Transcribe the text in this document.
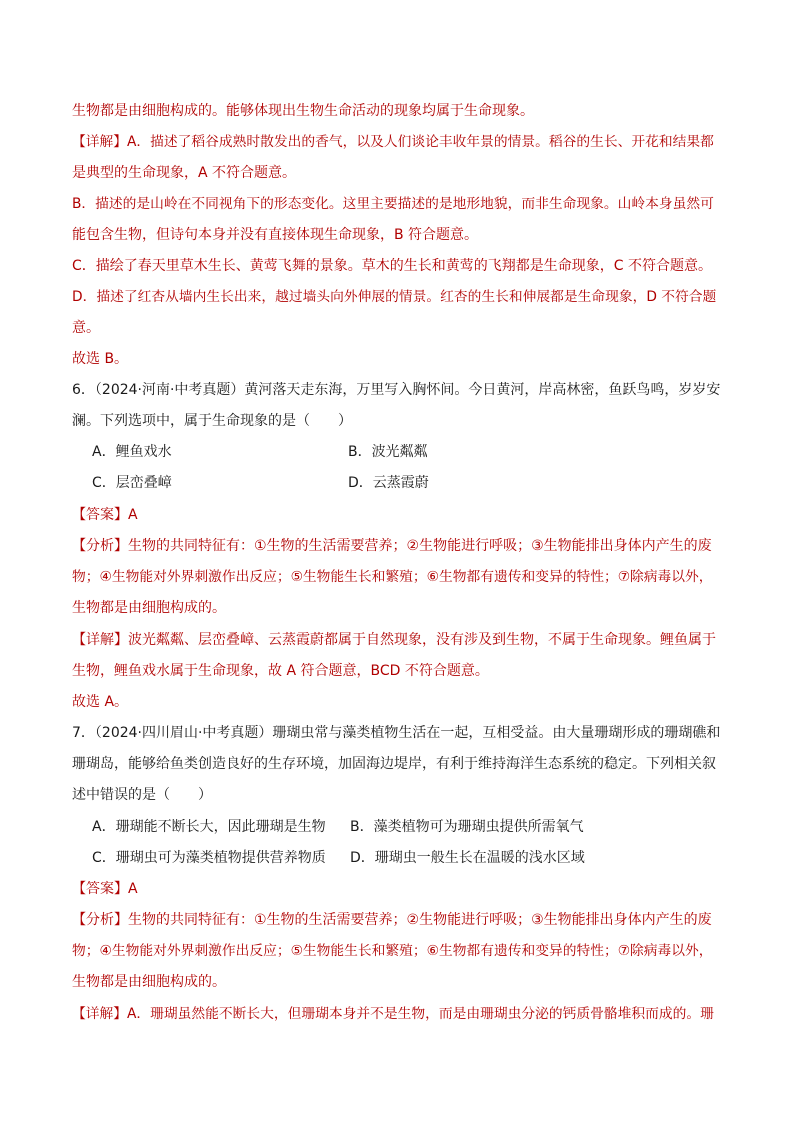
生物都是由细胞构成的。能够体现出生物生命活动的现象均属于生命现象。
【详解】A．描述了稻谷成熟时散发出的香气，以及人们谈论丰收年景的情景。稻谷的生长、开花和结果都
是典型的生命现象，A 不符合题意。
B．描述的是山岭在不同视角下的形态变化。这里主要描述的是地形地貌，而非生命现象。山岭本身虽然可
能包含生物，但诗句本身并没有直接体现生命现象，B 符合题意。
C．描绘了春天里草木生长、黄莺飞舞的景象。草木的生长和黄莺的飞翔都是生命现象，C 不符合题意。
D．描述了红杏从墙内生长出来，越过墙头向外伸展的情景。红杏的生长和伸展都是生命现象，D 不符合题
意。
故选 B。
6．（2024·河南·中考真题）黄河落天走东海，万里写入胸怀间。今日黄河，岸高林密，鱼跃鸟鸣，岁岁安
澜。下列选项中，属于生命现象的是（　　）
A．鲤鱼戏水	B．波光粼粼
C．层峦叠嶂	D．云蒸霞蔚
【答案】A
【分析】生物的共同特征有：①生物的生活需要营养；②生物能进行呼吸；③生物能排出身体内产生的废
物；④生物能对外界刺激作出反应；⑤生物能生长和繁殖；⑥生物都有遗传和变异的特性；⑦除病毒以外，
生物都是由细胞构成的。
【详解】波光粼粼、层峦叠嶂、云蒸霞蔚都属于自然现象，没有涉及到生物，不属于生命现象。鲤鱼属于
生物，鲤鱼戏水属于生命现象，故 A 符合题意，BCD 不符合题意。
故选 A。
7．（2024·四川眉山·中考真题）珊瑚虫常与藻类植物生活在一起，互相受益。由大量珊瑚形成的珊瑚礁和
珊瑚岛，能够给鱼类创造良好的生存环境，加固海边堤岸，有利于维持海洋生态系统的稳定。下列相关叙
述中错误的是（　　）
A．珊瑚能不断长大，因此珊瑚是生物 B．藻类植物可为珊瑚虫提供所需氧气
C．珊瑚虫可为藻类植物提供营养物质 D．珊瑚虫一般生长在温暖的浅水区域
【答案】A
【分析】生物的共同特征有：①生物的生活需要营养；②生物能进行呼吸；③生物能排出身体内产生的废
物；④生物能对外界刺激作出反应；⑤生物能生长和繁殖；⑥生物都有遗传和变异的特性；⑦除病毒以外，
生物都是由细胞构成的。
【详解】A．珊瑚虽然能不断长大，但珊瑚本身并不是生物，而是由珊瑚虫分泌的钙质骨骼堆积而成的。珊
